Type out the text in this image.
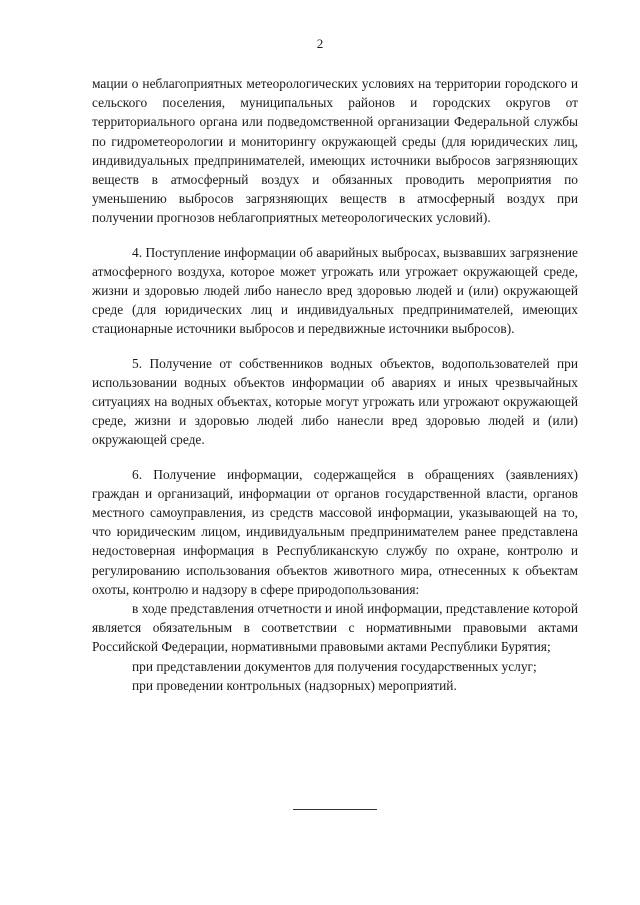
2

мации о неблагоприятных метеорологических условиях на территории городского и сельского поселения, муниципальных районов и городских округов от территориального органа или подведомственной организации Федеральной службы по гидрометеорологии и мониторингу окружающей среды (для юридических лиц, индивидуальных предпринимателей, имеющих источники выбросов загрязняющих веществ в атмосферный воздух и обязанных проводить мероприятия по уменьшению выбросов загрязняющих веществ в атмосферный воздух при получении прогнозов неблагоприятных метеорологических условий).

4. Поступление информации об аварийных выбросах, вызвавших загрязнение атмосферного воздуха, которое может угрожать или угрожает окружающей среде, жизни и здоровью людей либо нанесло вред здоровью людей и (или) окружающей среде (для юридических лиц и индивидуальных предпринимателей, имеющих стационарные источники выбросов и передвижные источники выбросов).

5. Получение от собственников водных объектов, водопользователей при использовании водных объектов информации об авариях и иных чрезвычайных ситуациях на водных объектах, которые могут угрожать или угрожают окружающей среде, жизни и здоровью людей либо нанесли вред здоровью людей и (или) окружающей среде.

6. Получение информации, содержащейся в обращениях (заявлениях) граждан и организаций, информации от органов государственной власти, органов местного самоуправления, из средств массовой информации, указывающей на то, что юридическим лицом, индивидуальным предпринимателем ранее представлена недостоверная информация в Республиканскую службу по охране, контролю и регулированию использования объектов животного мира, отнесенных к объектам охоты, контролю и надзору в сфере природопользования:

в ходе представления отчетности и иной информации, представление которой является обязательным в соответствии с нормативными правовыми актами Российской Федерации, нормативными правовыми актами Республики Бурятия;

при представлении документов для получения государственных услуг;

при проведении контрольных (надзорных) мероприятий.
